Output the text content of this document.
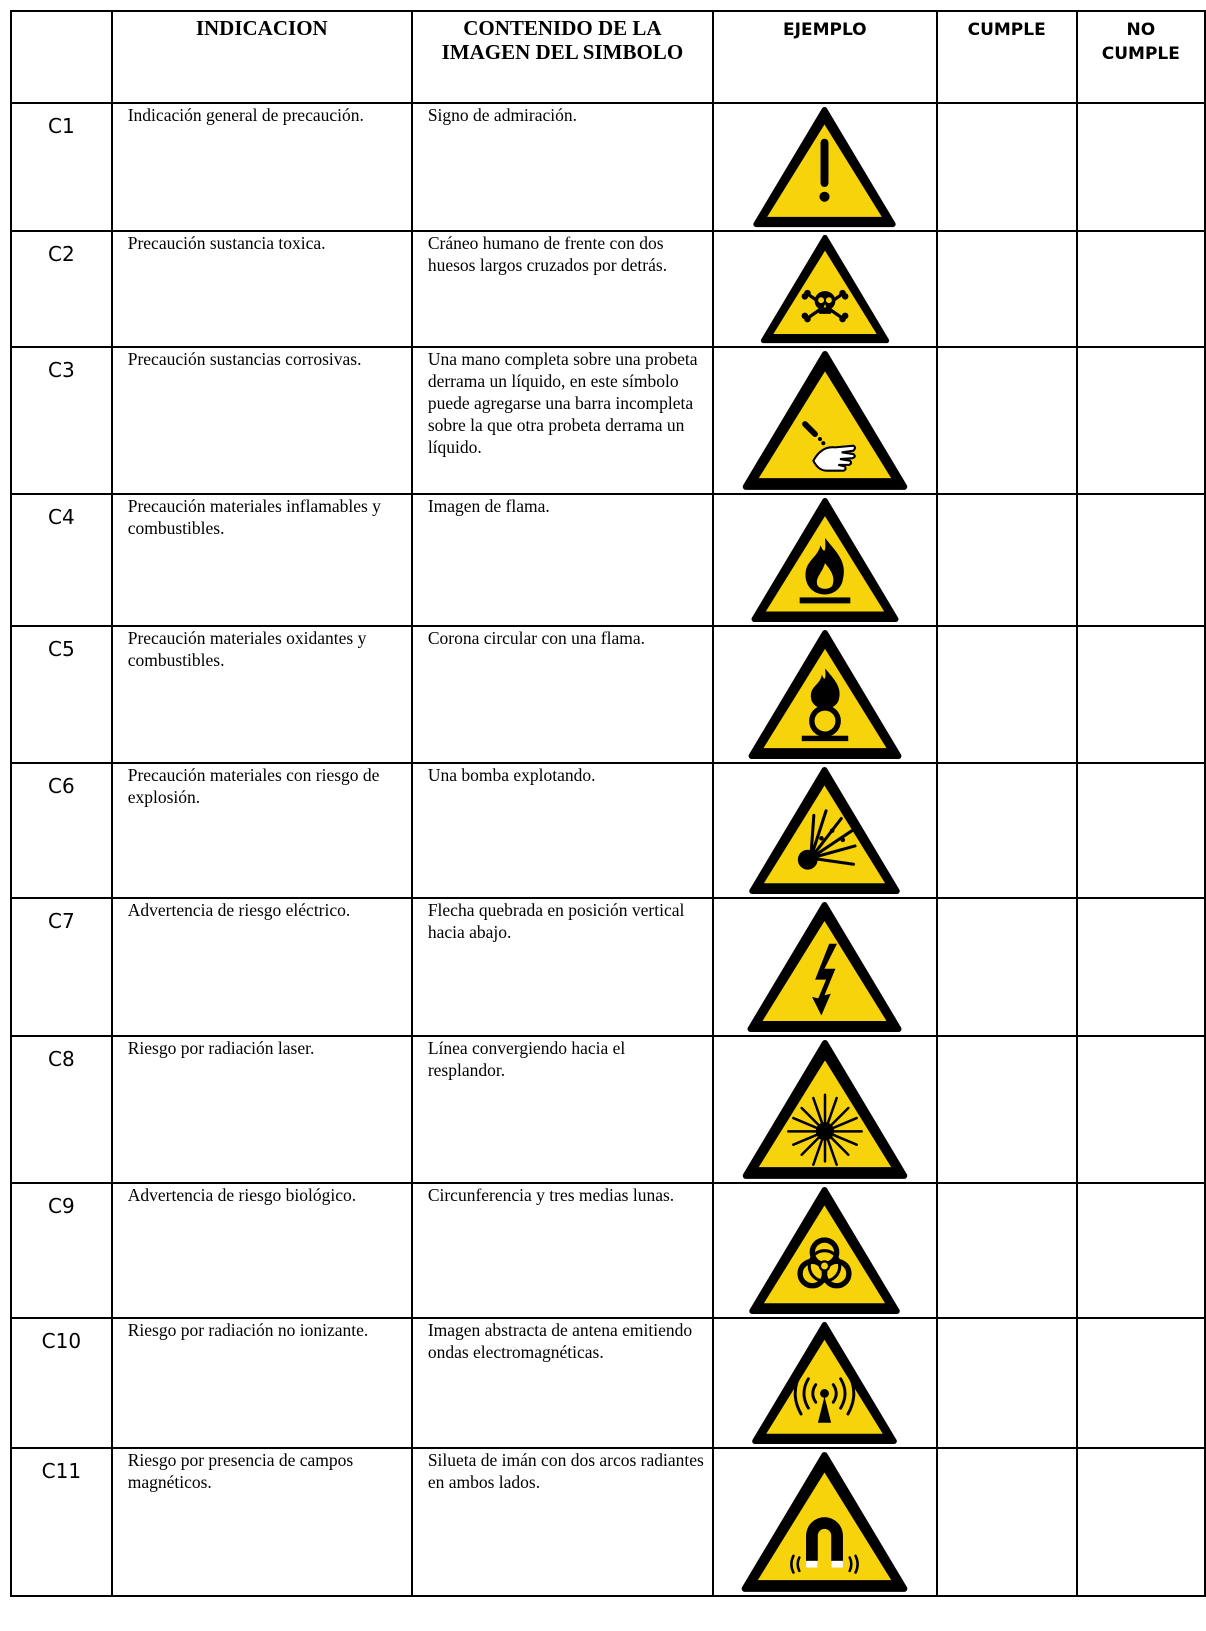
	INDICACION	CONTENIDO DE LA IMAGEN DEL SIMBOLO	EJEMPLO	CUMPLE	NO CUMPLE
C1	Indicación general de precaución.	Signo de admiración.	

C2	Precaución sustancia toxica.	Cráneo humano de frente con dos huesos largos cruzados por detrás.	

C3	Precaución sustancias corrosivas.	Una mano completa sobre una probeta derrama un líquido, en este símbolo puede agregarse una barra incompleta sobre la que otra probeta derrama un líquido.	

C4	Precaución materiales inflamables y combustibles.	Imagen de flama.	

C5	Precaución materiales oxidantes y combustibles.	Corona circular con una flama.	

C6	Precaución materiales con riesgo de explosión.	Una bomba explotando.	

C7	Advertencia de riesgo eléctrico.	Flecha quebrada en posición vertical hacia abajo.	

C8	Riesgo por radiación laser.	Línea convergiendo hacia el resplandor.	

C9	Advertencia de riesgo biológico.	Circunferencia y tres medias lunas.	

C10	Riesgo por radiación no ionizante.	Imagen abstracta de antena emitiendo ondas electromagnéticas.	

C11	Riesgo por presencia de campos magnéticos.	Silueta de imán con dos arcos radiantes en ambos lados.	
